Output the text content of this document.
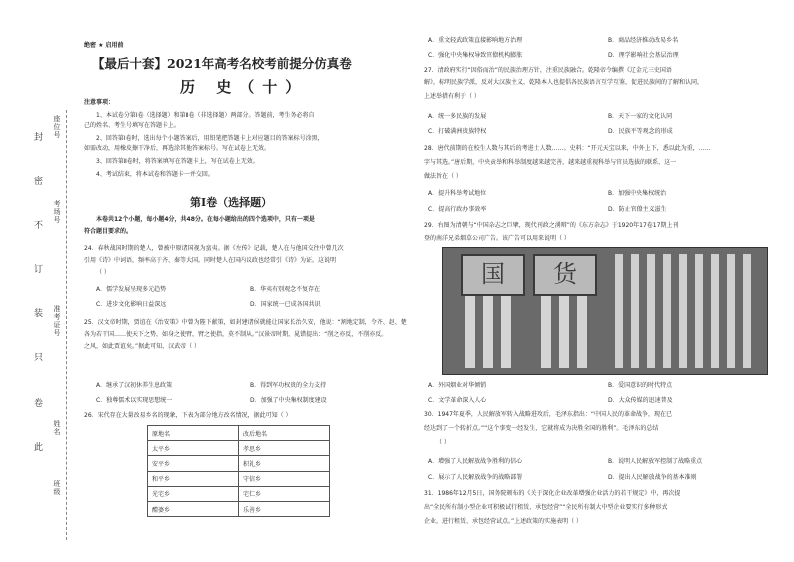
班级
姓名
准考证号
考场号
座位号
此
卷
只
装
订
不
密
封
绝密 ★ 启用前
【最后十套】2021年高考名校考前提分仿真卷
历 史（十）
注意事项：
1、本试卷分第Ⅰ卷（选择题）和第Ⅱ卷（非选择题）两部分。答题前，考生务必将自
己的姓名、考生号填写在答题卡上。
2、回答第Ⅰ卷时，选出每个小题答案后，用铅笔把答题卡上对应题目的答案标号涂黑，
如需改动，用橡皮擦干净后，再选涂其他答案标号。写在试卷上无效。
3、回答第Ⅱ卷时，将答案填写在答题卡上，写在试卷上无效。
4、考试结束，将本试卷和答题卡一并交回。
第Ⅰ卷（选择题）
本卷共12个小题，每小题4分，共48分。在每小题给出的四个选项中，只有一项是
符合题目要求的。
24．春秋战国时期的楚人，曾被中原诸国视为蛮夷。据《左传》记载，楚人在与他国交往中曾几次
引用《诗》中词语，频率高于齐、秦等大国。同时楚人在国内议政也经常引《诗》为证。这说明
（ ）
A．儒学发展呈现多元趋势	B．华夷有别观念不复存在
C．进步文化影响日益深远	D．国家统一已成各国共识
25．汉文帝时期，贾谊在《治安策》中曾为陛下献策，如封建诸侯就能让国家长治久安，他说：“割地定制，令齐、赵、楚
各为若干国……使天下之势，如身之使臂，臂之使指，莫不制从。”汉景帝时期，晁错提出：“削之亦反，不削亦反。
之风，如此贾谊矣。”据此可知，汉武帝（ ）
A．继承了汉初休养生息政策	B．得到军功权贵的全力支持
C．独尊儒术以实现思想统一	D．加强了中央集权制度建设
26．宋代存在大量改易乡名的现象，下表为部分地方改名情况，据此可知（ ）
原地名	改后地名
太平乡	孝思乡
安平乡	积礼乡
和平乡	守信乡
光宅乡	宅仁乡
醴婆乡	乐善乡
A．重文轻武政策直接影响地方治理	B．商品经济推动改易乡名
C．强化中央集权导致官僚机构膨胀	D．理学影响社会基层治理
27．清政府实行“因俗而治”的民族治理方针，注重民族融合。乾隆帝令编撰《辽金元三史国语
解》，标明民族学派，反对大汉族主义，乾隆本人也提倡各民族语言互学互鉴，促进民族间的了解和认同，
上述举措有利于（ ）
A．统一多民族的发展	B．天下一家的文化认同
C．打破满洲贵族特权	D．民族平等观念的形成
28．唐代前期的在校生人数与其后的考进士人数……。史料：“开元天宝以来，中外上下，悉以此为重，……
字与其选。”唐后期，中央贡举和科举制度越来越完善，越来越重视科举与官员选拔的联系，这一
做法旨在（ ）
A．提升科举考试地位	B．加强中央集权统治
C．提高行政办事效率	D．防止官僚主义滋生
29．右图为清朝与“中国杂志之巨擘，现代刊政之湧辩”的《东方杂志》于1920年17卷17期上刊
登的南洋兄弟烟草公司广告。该广告可以用来说明（ ）
国	货
A．外国烟业对华倾销	B．爱国意识的时代特点
C．文学革命深入人心	D．大众传媒的迅速普及
30．1947年夏季，人民解放军转入战略进攻后，毛泽东指出：“中国人民的革命战争，现在已
经达到了一个转折点。”“这个事变一经发生，它就将成为决胜全国的胜利”。毛泽东的总结
（ ）
A．增强了人民解放战争胜利的信心	B．说明人民解放军控制了战略重点
C．展示了人民解放战争的战略部署	D．提出人民解放战争的基本准则
31．1986年12月5日，国务院颁布的《关于深化企业改革增强企业活力的若干规定》中，再次提
出“全民所有制小型企业可积极试行租赁、承包经营”“全民所有制大中型企业要实行多种形式
企业，进行租赁、承包经营试点。”上述政策的实施表明（ ）
